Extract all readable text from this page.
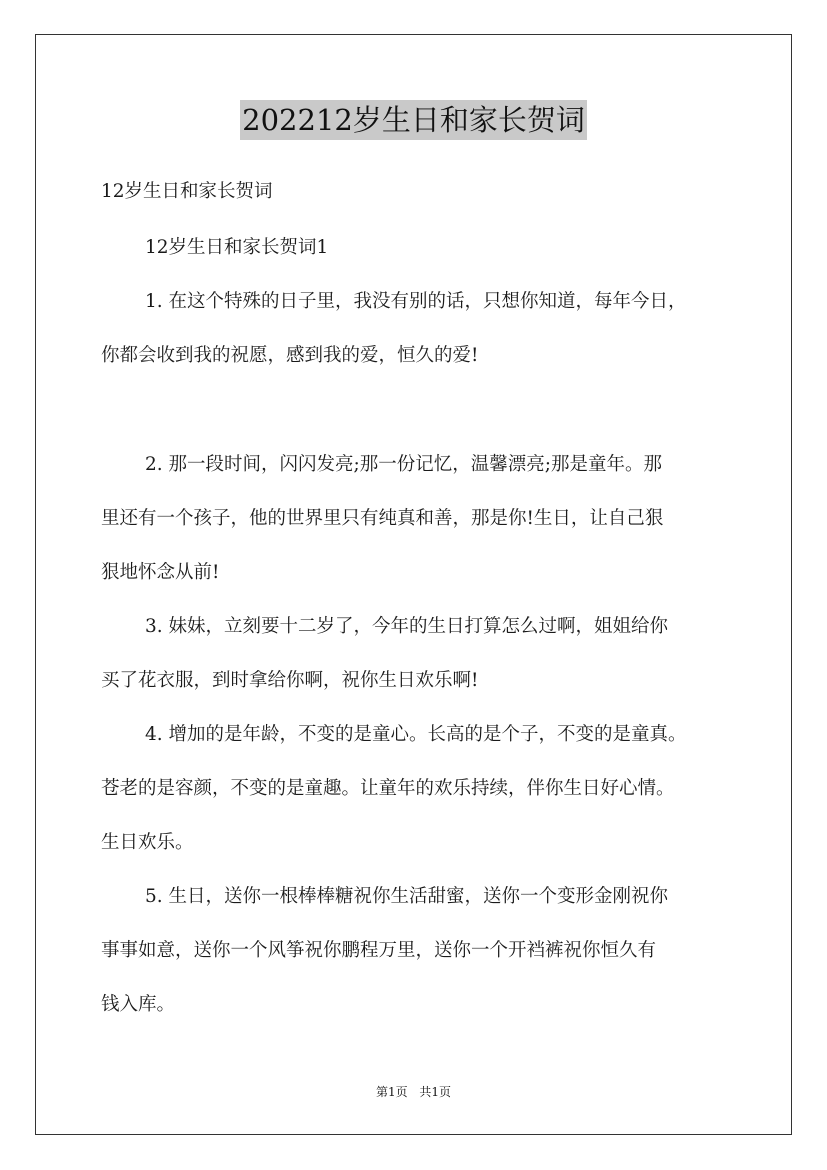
202212岁生日和家长贺词
12岁生日和家长贺词
12岁生日和家长贺词1
1. 在这个特殊的日子里，我没有别的话，只想你知道，每年今日，
你都会收到我的祝愿，感到我的爱，恒久的爱!
2. 那一段时间，闪闪发亮;那一份记忆，温馨漂亮;那是童年。那
里还有一个孩子，他的世界里只有纯真和善，那是你!生日，让自己狠
狠地怀念从前!
3. 妹妹，立刻要十二岁了，今年的生日打算怎么过啊，姐姐给你
买了花衣服，到时拿给你啊，祝你生日欢乐啊!
4. 增加的是年龄，不变的是童心。长高的是个子，不变的是童真。
苍老的是容颜，不变的是童趣。让童年的欢乐持续，伴你生日好心情。
生日欢乐。
5. 生日，送你一根棒棒糖祝你生活甜蜜，送你一个变形金刚祝你
事事如意，送你一个风筝祝你鹏程万里，送你一个开裆裤祝你恒久有
钱入库。
第1页 共1页
